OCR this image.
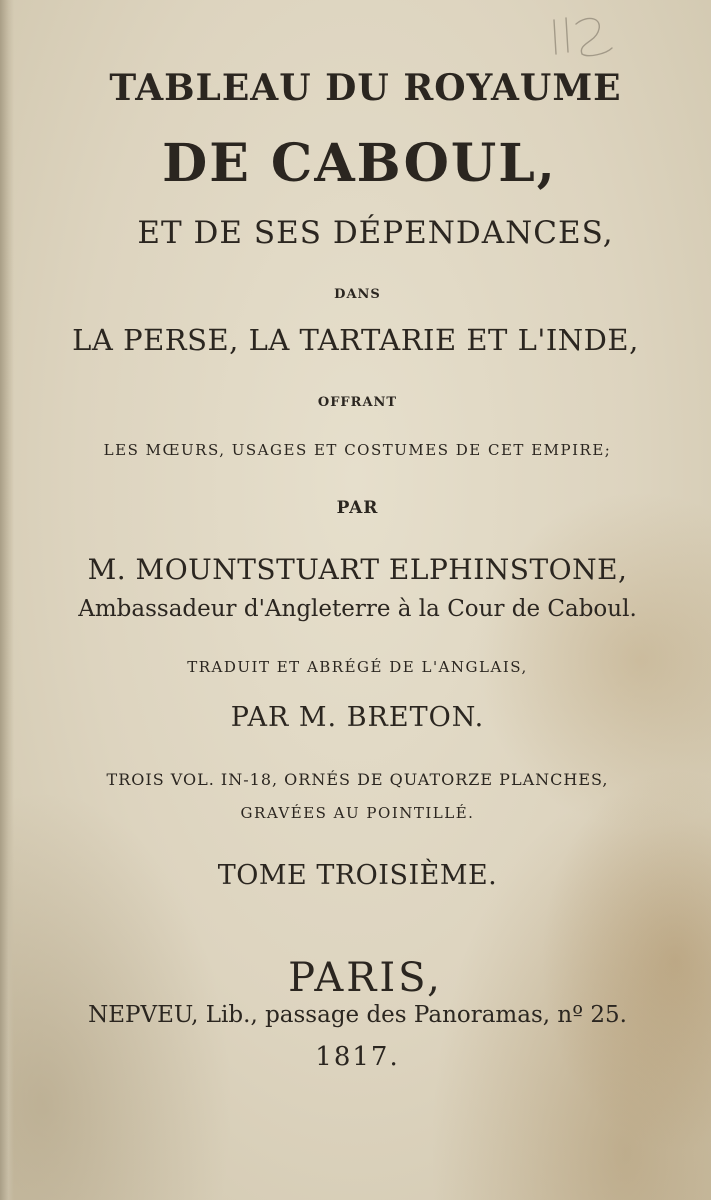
TABLEAU DU ROYAUME
DE CABOUL,
ET DE SES DÉPENDANCES,
DANS
LA PERSE, LA TARTARIE ET L'INDE,
OFFRANT
LES MŒURS, USAGES ET COSTUMES DE CET EMPIRE;
PAR
M. MOUNTSTUART ELPHINSTONE,
Ambassadeur d'Angleterre à la Cour de Caboul.
TRADUIT ET ABRÉGÉ DE L'ANGLAIS,
PAR M. BRETON.
TROIS VOL. IN-18, ORNÉS DE QUATORZE PLANCHES,
GRAVÉES AU POINTILLÉ.
TOME TROISIÈME.
PARIS,
NEPVEU, Lib., passage des Panoramas, nº 25.
1817.
